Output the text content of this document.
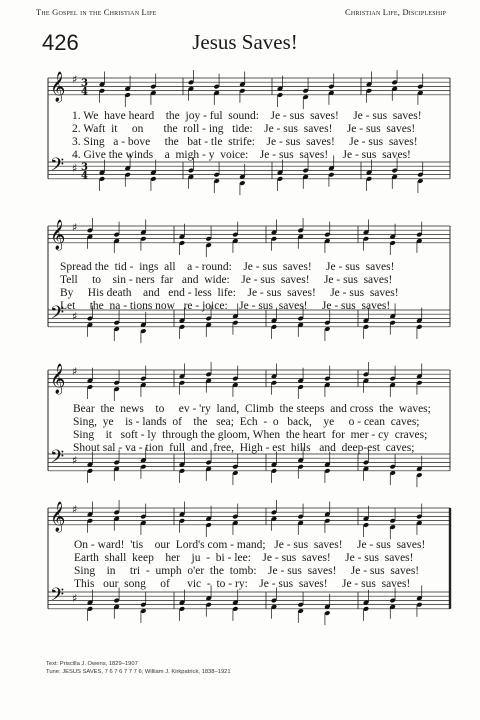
The Gospel in the Christian Life	Christian Life, Discipleship
426	Jesus Saves!
𝄞
𝄢
♯
♯
3
4
3
4
1. We  have heard    the  joy - ful  sound:    Je - sus  saves!     Je - sus  saves!
2. Waft  it     on       the  roll - ing   tide:    Je - sus  saves!     Je - sus  saves!
3. Sing   a - bove     the   bat - tle  strife:    Je - sus  saves!     Je - sus  saves!
4. Give the winds    a  migh - y  voice:    Je - sus  saves!     Je - sus  saves!
𝄞
𝄢
♯
♯
Spread the  tid -  ings  all    a - round:    Je - sus  saves!     Je - sus  saves!
Tell     to    sin - ners  far   and  wide:    Je - sus  saves!     Je - sus  saves!
By     His death    and   end - less  life:    Je - sus  saves!     Je - sus  saves!
Let     the  na - tions now   re - joice:    Je - sus  saves!     Je - sus  saves!
𝄞
𝄢
♯
♯
Bear  the  news    to     ev - 'ry  land,  Climb  the steeps  and cross  the  waves;
Sing,  ye    is - lands  of    the   sea;  Ech  -  o   back,    ye     o - cean  caves;
Sing    it   soft - ly  through the gloom, When  the heart  for  mer - cy  craves;
Shout sal - va - tion  full  and  free,  High - est  hills   and  deep-est  caves;
𝄞
𝄢
♯
♯
On - ward!  'tis    our  Lord's com - mand;   Je - sus  saves!     Je - sus  saves!
Earth  shall  keep    her    ju  -  bi - lee:    Je - sus  saves!     Je - sus  saves!
Sing    in     tri  -  umph  o'er  the  tomb:    Je - sus  saves!     Je - sus  saves!
This   our  song     of      vic  -  to - ry:    Je - sus  saves!     Je - sus  saves!
Text: Priscilla J. Owens, 1829–1907
Tune: JESUS SAVES, 7 6 7 6 7 7 7 6; William J. Kirkpatrick, 1838–1921
